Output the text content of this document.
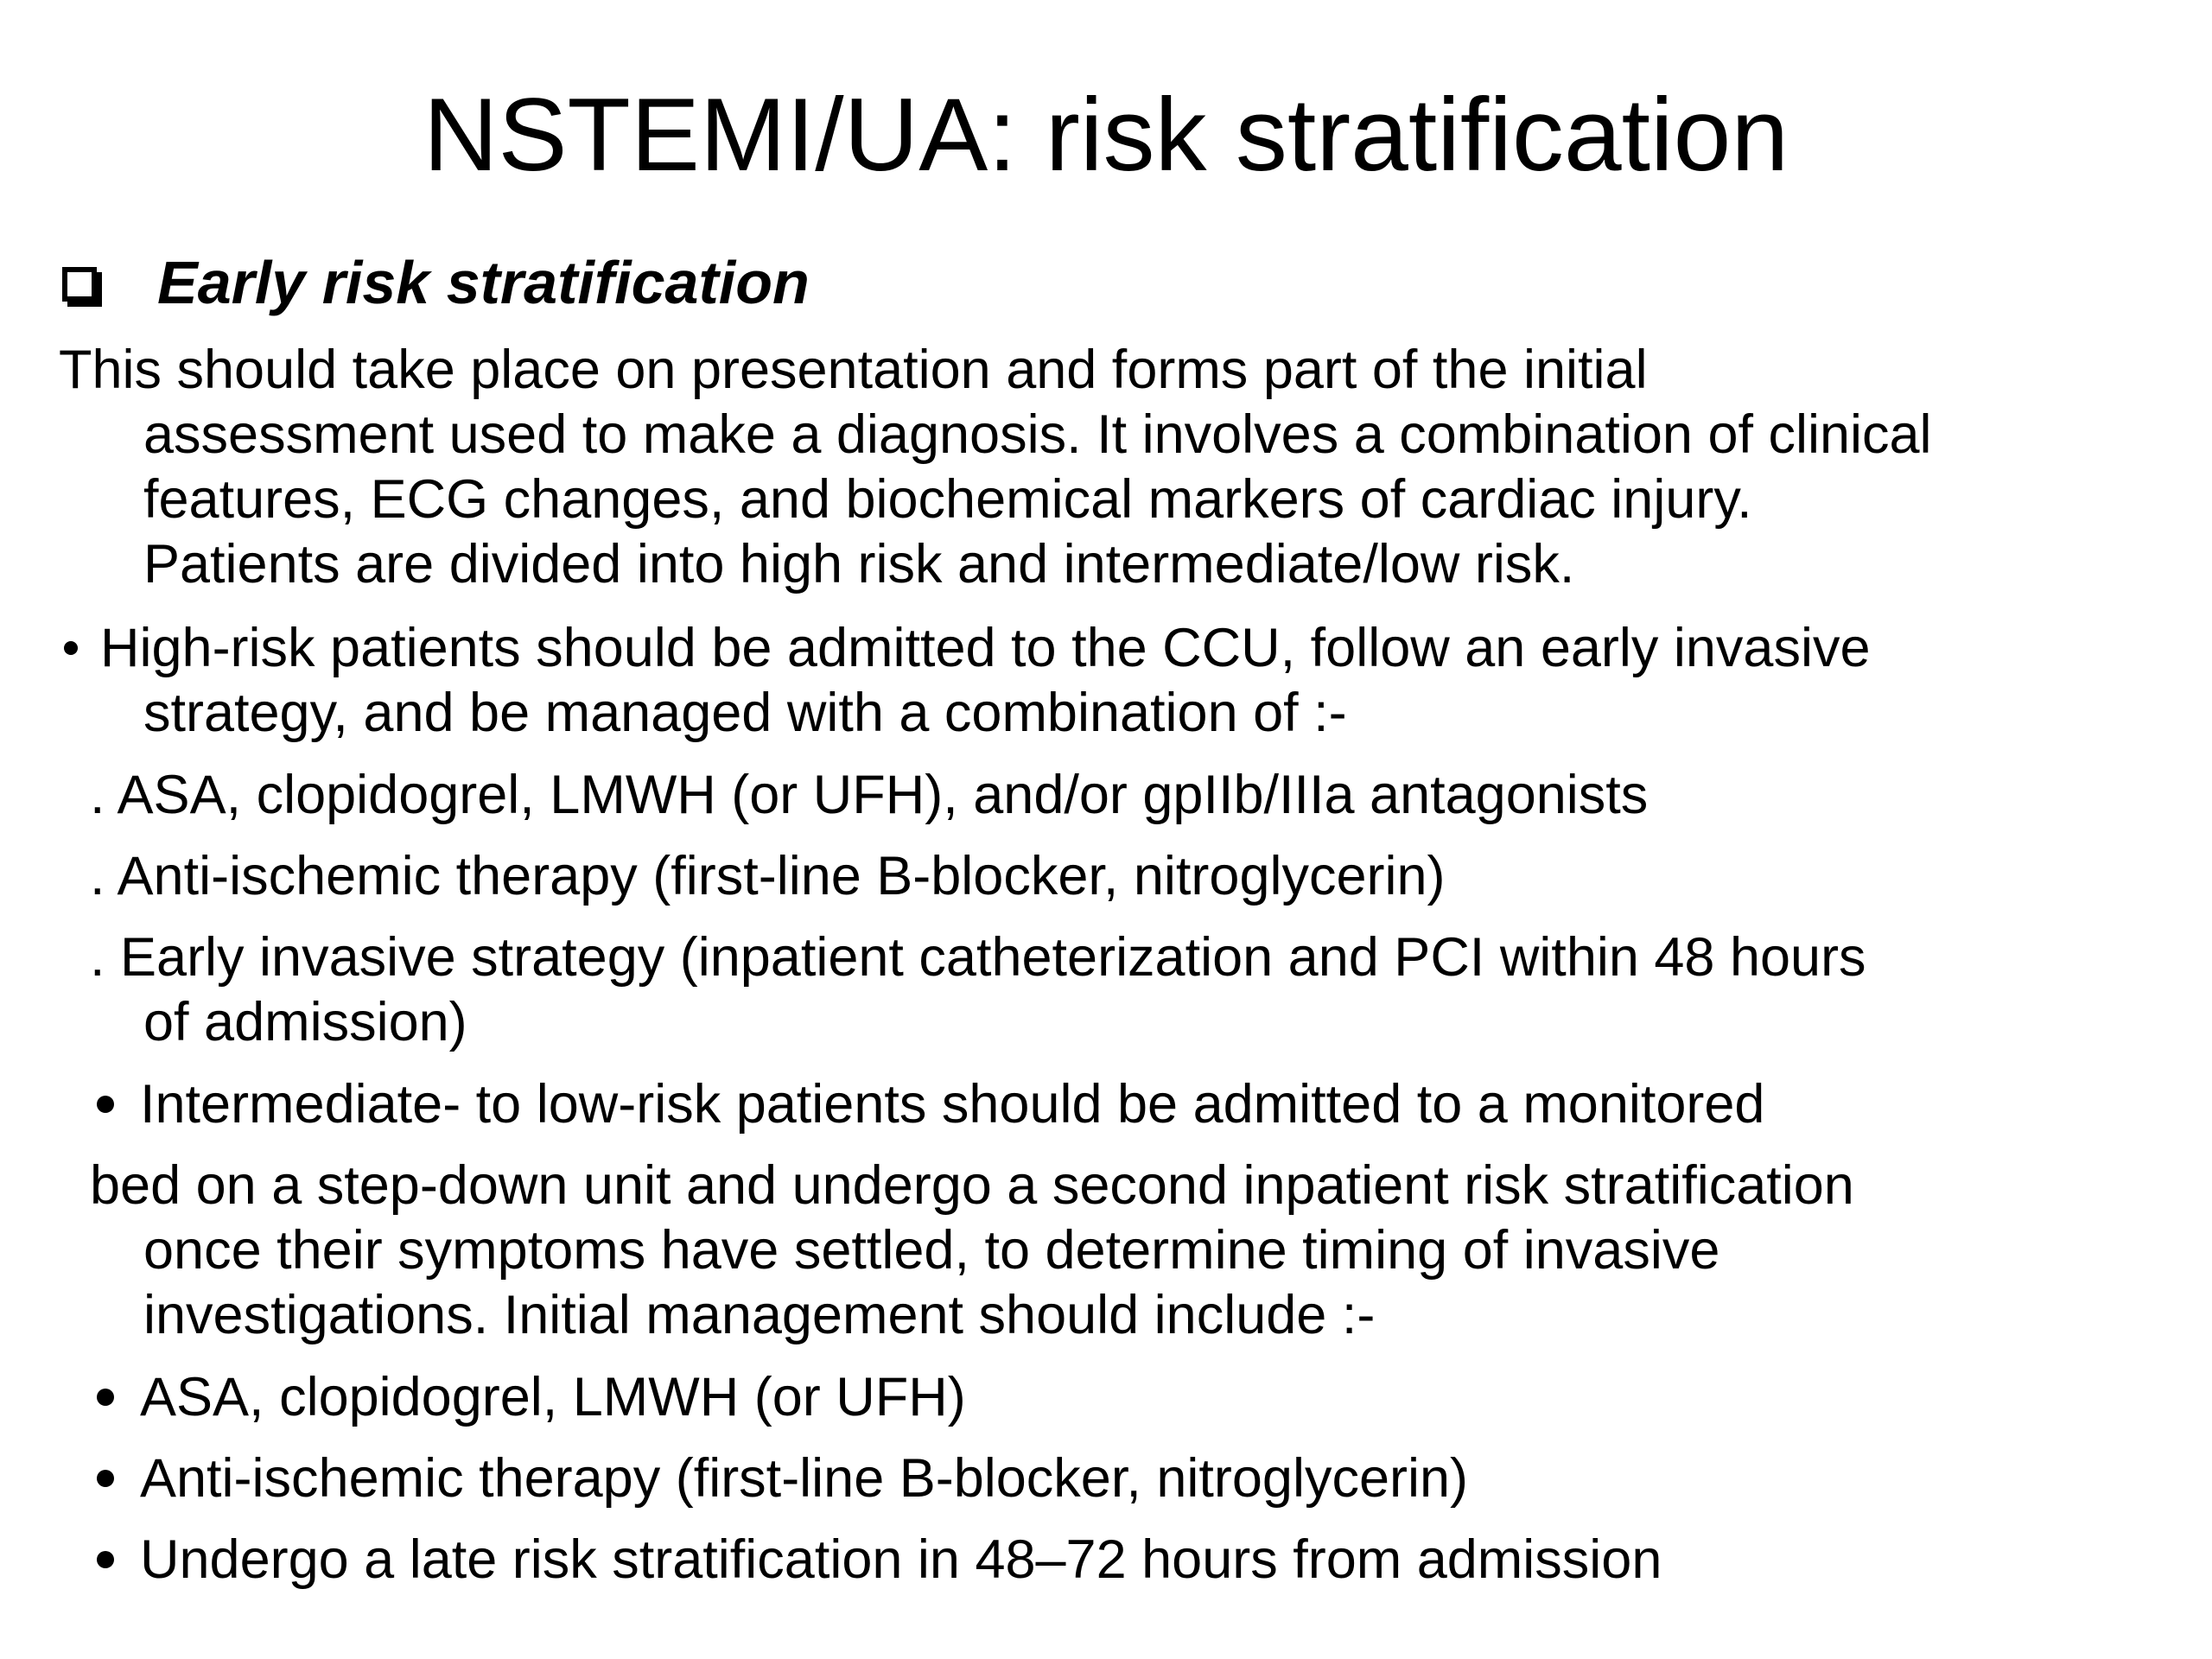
NSTEMI/UA: risk stratification
Early risk stratification
This should take place on presentation and forms part of the initial
assessment used to make a diagnosis. It involves a combination of clinical
features, ECG changes, and biochemical markers of cardiac injury.
Patients are divided into high risk and intermediate/low risk.
High-risk patients should be admitted to the CCU, follow an early invasive
strategy, and be managed with a combination of :-
. ASA, clopidogrel, LMWH (or UFH), and/or gpIIb/IIIa antagonists
. Anti-ischemic therapy (first-line B-blocker, nitroglycerin)
. Early invasive strategy (inpatient catheterization and PCI within 48 hours
of admission)
Intermediate- to low-risk patients should be admitted to a monitored
bed on a step-down unit and undergo a second inpatient risk stratification
once their symptoms have settled, to determine timing of invasive
investigations. Initial management should include :-
ASA, clopidogrel, LMWH (or UFH)
Anti-ischemic therapy (first-line B-blocker, nitroglycerin)
Undergo a late risk stratification in 48–72 hours from admission
